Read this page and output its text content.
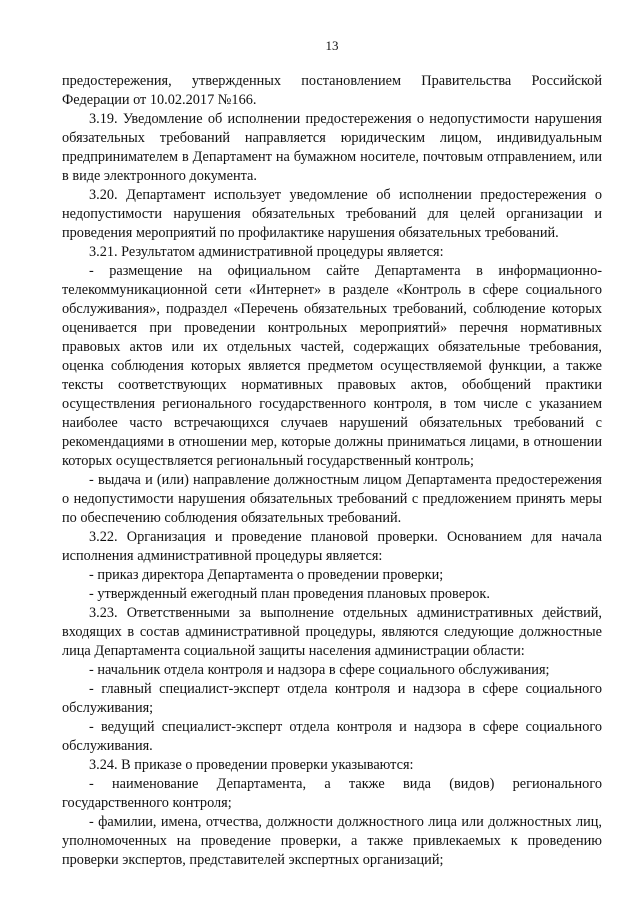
13

предостережения, утвержденных постановлением Правительства Российской Федерации от 10.02.2017 №166.

3.19. Уведомление об исполнении предостережения о недопустимости нарушения обязательных требований направляется юридическим лицом, индивидуальным предпринимателем в Департамент на бумажном носителе, почтовым отправлением, или в виде электронного документа.

3.20. Департамент использует уведомление об исполнении предостережения о недопустимости нарушения обязательных требований для целей организации и проведения мероприятий по профилактике нарушения обязательных требований.

3.21. Результатом административной процедуры является:

- размещение на официальном сайте Департамента в информационно-телекоммуникационной сети «Интернет» в разделе «Контроль в сфере социального обслуживания», подраздел «Перечень обязательных требований, соблюдение которых оценивается при проведении контрольных мероприятий» перечня нормативных правовых актов или их отдельных частей, содержащих обязательные требования, оценка соблюдения которых является предметом осуществляемой функции, а также тексты соответствующих нормативных правовых актов, обобщений практики осуществления регионального государственного контроля, в том числе с указанием наиболее часто встречающихся случаев нарушений обязательных требований с рекомендациями в отношении мер, которые должны приниматься лицами, в отношении которых осуществляется региональный государственный контроль;

- выдача и (или) направление должностным лицом Департамента предостережения о недопустимости нарушения обязательных требований с предложением принять меры по обеспечению соблюдения обязательных требований.

3.22. Организация и проведение плановой проверки. Основанием для начала исполнения административной процедуры является:

- приказ директора Департамента о проведении проверки;

- утвержденный ежегодный план проведения плановых проверок.

3.23. Ответственными за выполнение отдельных административных действий, входящих в состав административной процедуры, являются следующие должностные лица Департамента социальной защиты населения администрации области:

- начальник отдела контроля и надзора в сфере социального обслуживания;

- главный специалист-эксперт отдела контроля и надзора в сфере социального обслуживания;

- ведущий специалист-эксперт отдела контроля и надзора в сфере социального обслуживания.

3.24. В приказе о проведении проверки указываются:

- наименование Департамента, а также вида (видов) регионального государственного контроля;

- фамилии, имена, отчества, должности должностного лица или должностных лиц, уполномоченных на проведение проверки, а также привлекаемых к проведению проверки экспертов, представителей экспертных организаций;
